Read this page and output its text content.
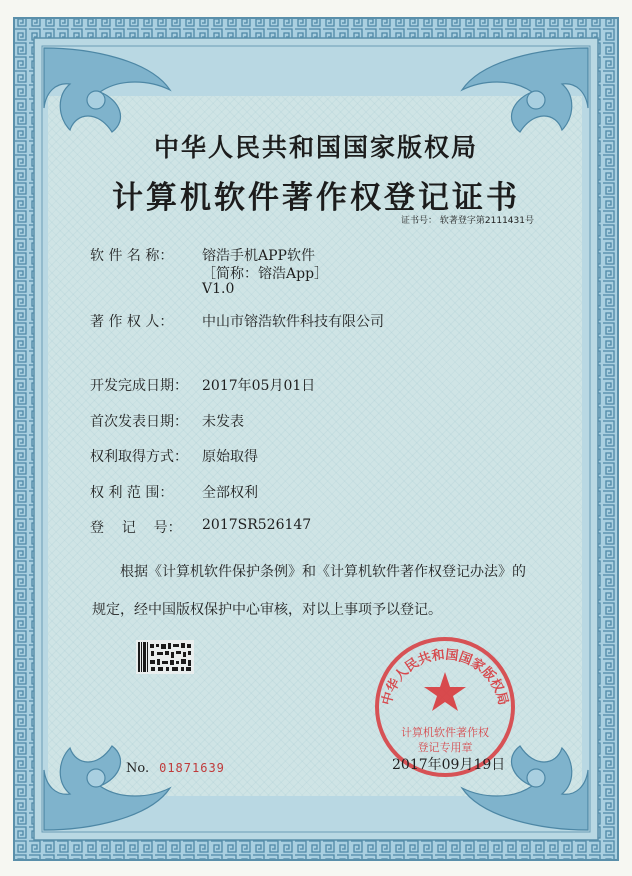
中华人民共和国国家版权局
计算机软件著作权登记证书
证书号： 软著登字第2111431号
软 件 名 称：	镕浩手机APP软件
［简称：镕浩App］
V1.0
著 作 权 人：	中山市镕浩软件科技有限公司
开发完成日期：	2017年05月01日
首次发表日期：	未发表
权利取得方式：	原始取得
权 利 范 围：	全部权利
登    记    号：	2017SR526147
根据《计算机软件保护条例》和《计算机软件著作权登记办法》的
规定，经中国版权保护中心审核，对以上事项予以登记。
中华人民共和国国家版权局
计算机软件著作权
登记专用章
No. 01871639	2017年09月19日
